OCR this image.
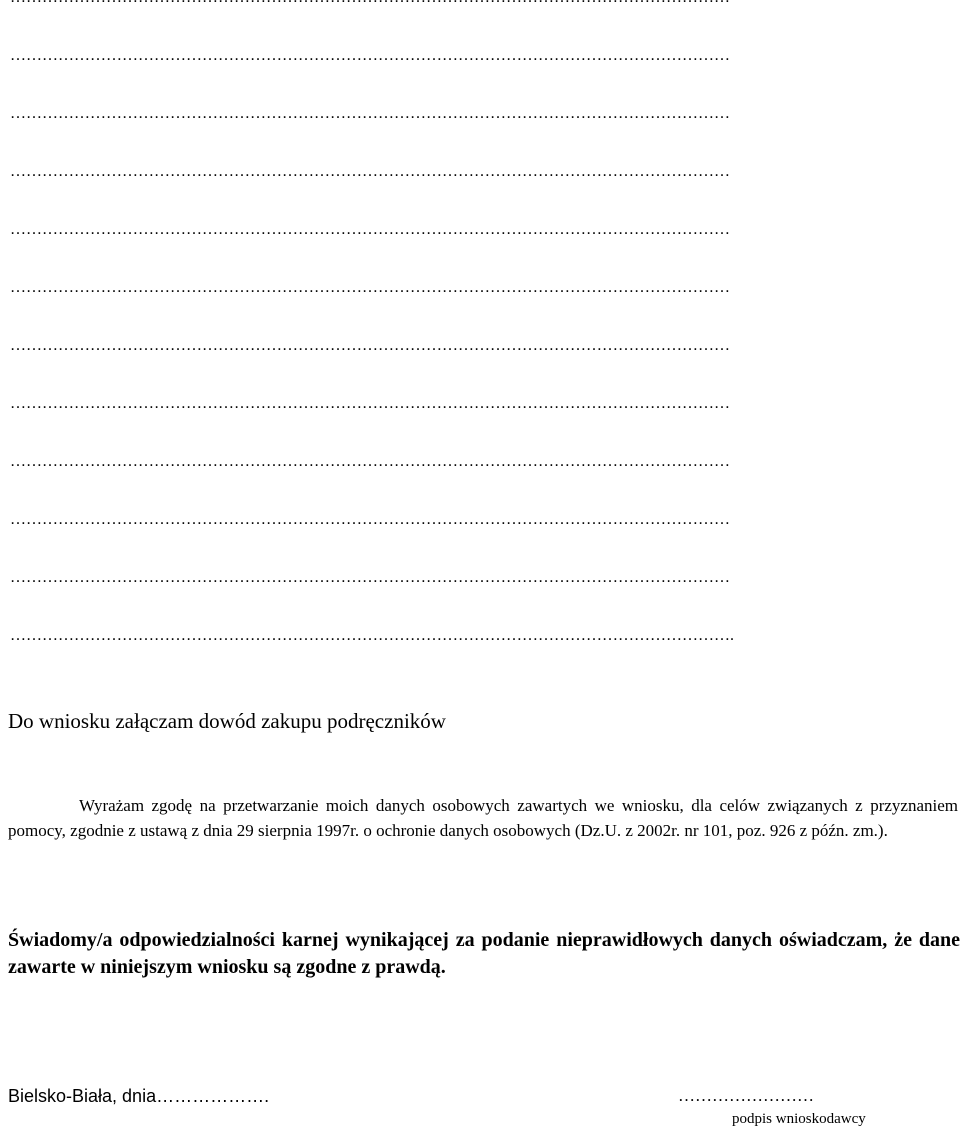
………………………………………………………………………………………………………………………
………………………………………………………………………………………………………………………
………………………………………………………………………………………………………………………
………………………………………………………………………………………………………………………
………………………………………………………………………………………………………………………
………………………………………………………………………………………………………………………
………………………………………………………………………………………………………………………
………………………………………………………………………………………………………………………
………………………………………………………………………………………………………………………
………………………………………………………………………………………………………………………
……………………………………………………………………………………………………………………….

Do wniosku załączam dowód zakupu podręczników

Wyrażam zgodę na przetwarzanie moich danych osobowych zawartych we wniosku, dla celów związanych z przyznaniem pomocy, zgodnie z ustawą z dnia 29 sierpnia 1997r. o ochronie danych osobowych (Dz.U. z 2002r. nr 101, poz. 926 z późn. zm.).

Świadomy/a odpowiedzialności karnej wynikającej za podanie nieprawidłowych danych oświadczam, że dane zawarte w niniejszym wniosku są zgodne z prawdą.

Bielsko-Biała, dnia……………….	……………………
podpis wnioskodawcy
